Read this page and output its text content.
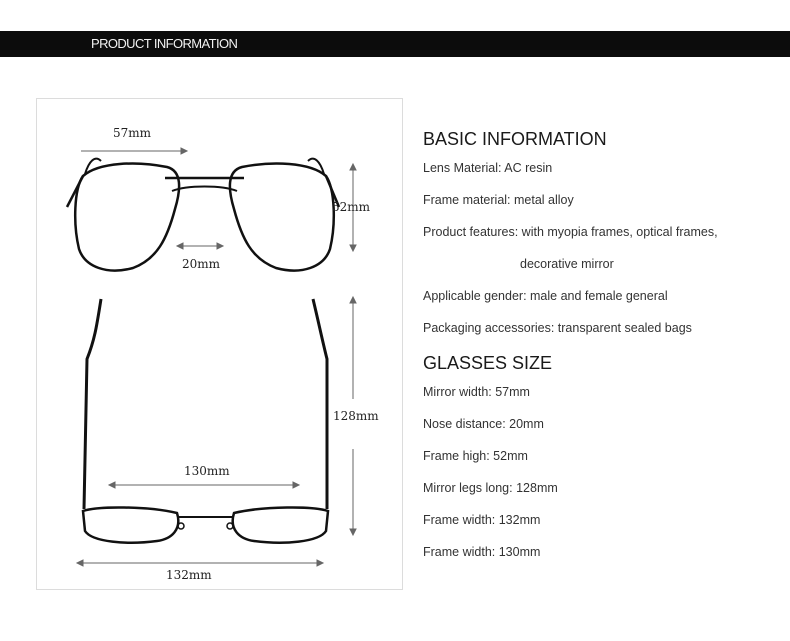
PRODUCT INFORMATION
57mm
52mm
20mm
128mm
130mm
132mm
BASIC INFORMATION
Lens Material: AC resin
Frame material: metal alloy
Product features: with myopia frames, optical frames,
decorative mirror
Applicable gender: male and female general
Packaging accessories: transparent sealed bags
GLASSES SIZE
Mirror width: 57mm
Nose distance: 20mm
Frame high: 52mm
Mirror legs long: 128mm
Frame width: 132mm
Frame width: 130mm
